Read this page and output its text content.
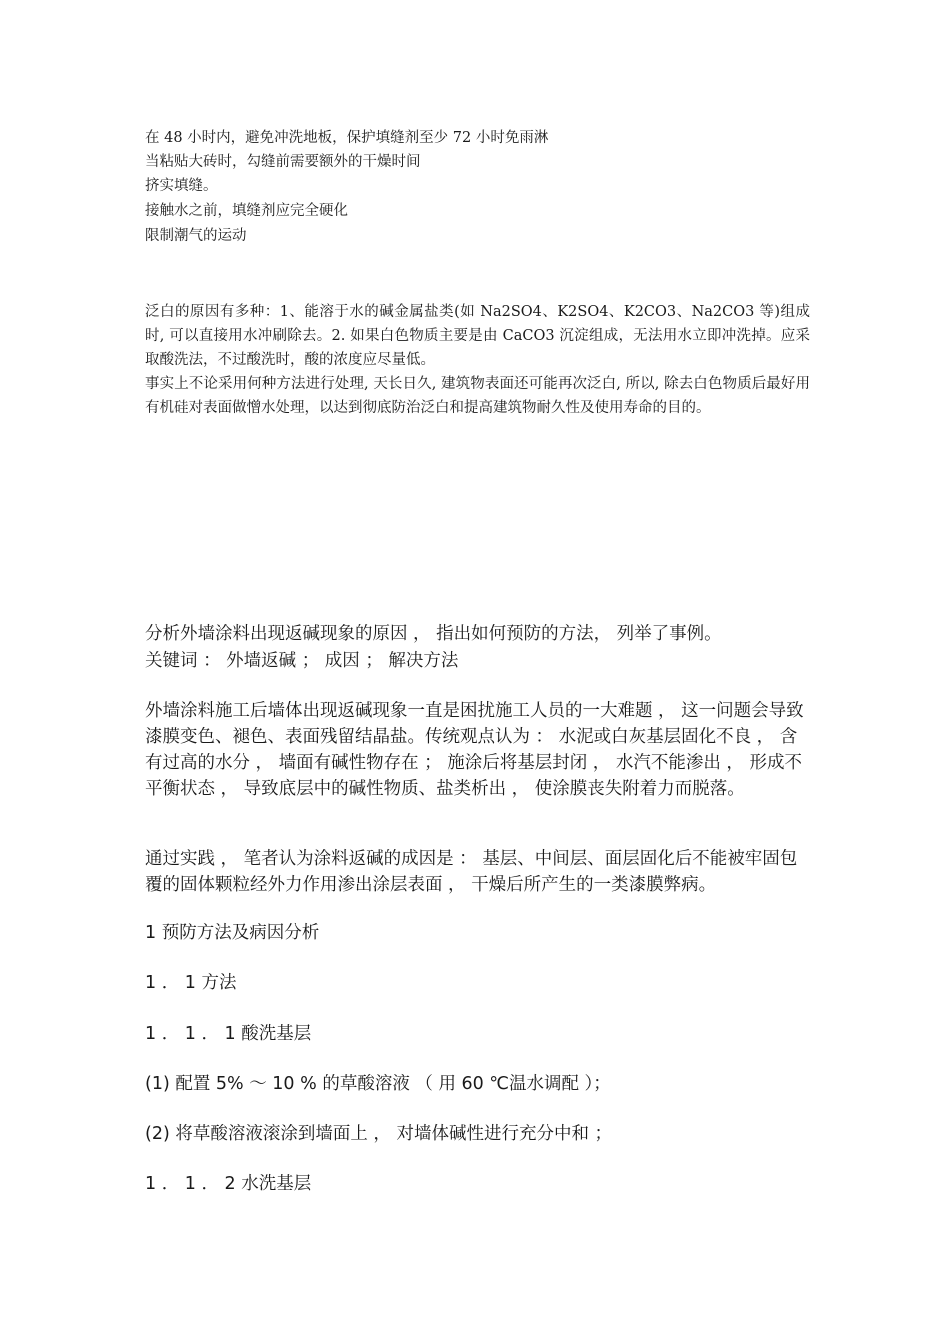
在 48 小时内，避免冲洗地板，保护填缝剂至少 72 小时免雨淋

当粘贴大砖时，勾缝前需要额外的干燥时间

挤实填缝。

接触水之前，填缝剂应完全硬化

限制潮气的运动

泛白的原因有多种：1、能溶于水的碱金属盐类(如 Na2SO4、K2SO4、K2CO3、Na2CO3 等)组成时, 可以直接用水冲刷除去。2. 如果白色物质主要是由 CaCO3 沉淀组成，无法用水立即冲洗掉。应采取酸洗法，不过酸洗时，酸的浓度应尽量低。

事实上不论采用何种方法进行处理, 天长日久, 建筑物表面还可能再次泛白, 所以, 除去白色物质后最好用有机硅对表面做憎水处理，以达到彻底防治泛白和提高建筑物耐久性及使用寿命的目的。

分析外墙涂料出现返碱现象的原因 ， 指出如何预防的方法， 列举了事例。

关键词 ： 外墙返碱 ； 成因 ； 解决方法

外墙涂料施工后墙体出现返碱现象一直是困扰施工人员的一大难题 ， 这一问题会导致漆膜变色、褪色、表面残留结晶盐。传统观点认为 ： 水泥或白灰基层固化不良 ， 含有过高的水分 ， 墙面有碱性物存在 ； 施涂后将基层封闭 ， 水汽不能渗出 ， 形成不平衡状态 ， 导致底层中的碱性物质、盐类析出 ， 使涂膜丧失附着力而脱落。

通过实践 ， 笔者认为涂料返碱的成因是 ： 基层、中间层、面层固化后不能被牢固包覆的固体颗粒经外力作用渗出涂层表面 ， 干燥后所产生的一类漆膜弊病。

1 预防方法及病因分析

1 ． 1 方法

1 ． 1 ． 1 酸洗基层

(1) 配置 5% ～ 10 % 的草酸溶液 （ 用 60 ℃温水调配 ）；

(2) 将草酸溶液滚涂到墙面上 ， 对墙体碱性进行充分中和 ；

1 ． 1 ． 2 水洗基层
